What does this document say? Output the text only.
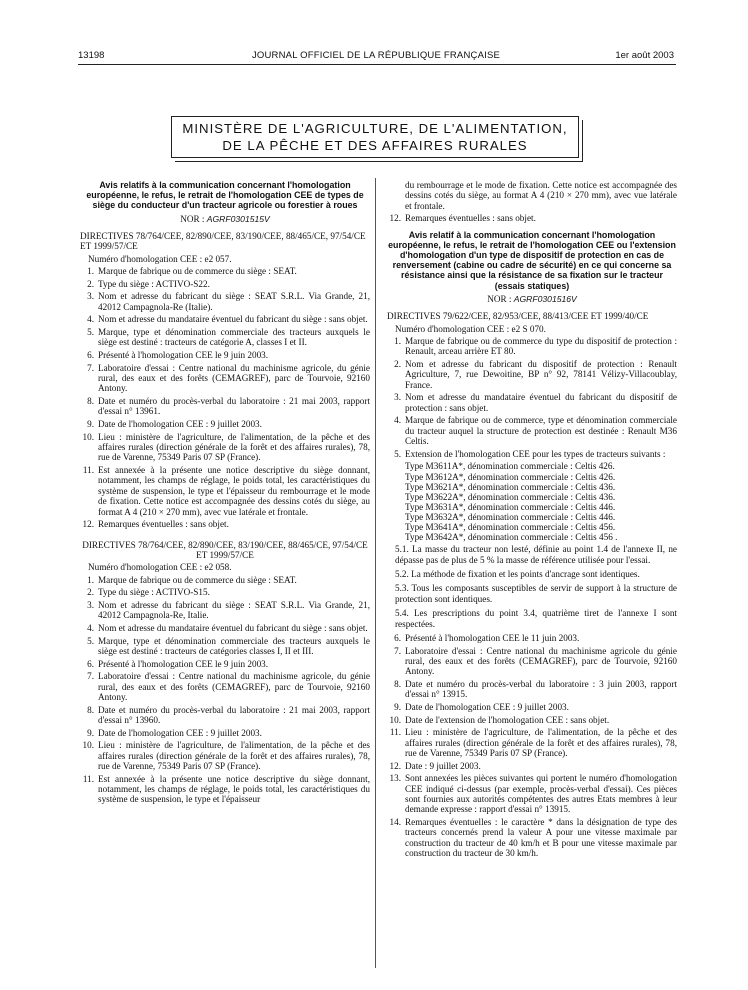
13198	JOURNAL OFFICIEL DE LA RÉPUBLIQUE FRANÇAISE	1er août 2003
MINISTÈRE DE L'AGRICULTURE, DE L'ALIMENTATION,
DE LA PÊCHE ET DES AFFAIRES RURALES

Avis relatifs à la communication concernant l'homologation européenne, le refus, le retrait de l'homologation CEE de types de siège du conducteur d'un tracteur agricole ou forestier à roues

NOR : AGRF0301515V

DIRECTIVES 78/764/CEE, 82/890/CEE, 83/190/CEE, 88/465/CE, 97/54/CE ET 1999/57/CE

Numéro d'homologation CEE : e2 057.

1. Marque de fabrique ou de commerce du siège : SEAT.
2. Type du siège : ACTIVO-S22.
3. Nom et adresse du fabricant du siège : SEAT S.R.L. Via Grande, 21, 42012 Campagnola-Re (Italie).
4. Nom et adresse du mandataire éventuel du fabricant du siège : sans objet.
5. Marque, type et dénomination commerciale des tracteurs auxquels le siège est destiné : tracteurs de catégorie A, classes I et II.
6. Présenté à l'homologation CEE le 9 juin 2003.
7. Laboratoire d'essai : Centre national du machinisme agricole, du génie rural, des eaux et des forêts (CEMAGREF), parc de Tourvoie, 92160 Antony.
8. Date et numéro du procès-verbal du laboratoire : 21 mai 2003, rapport d'essai n° 13961.
9. Date de l'homologation CEE : 9 juillet 2003.
10. Lieu : ministère de l'agriculture, de l'alimentation, de la pêche et des affaires rurales (direction générale de la forêt et des affaires rurales), 78, rue de Varenne, 75349 Paris 07 SP (France).
11. Est annexée à la présente une notice descriptive du siège donnant, notamment, les champs de réglage, le poids total, les caractéristiques du système de suspension, le type et l'épaisseur du rembourrage et le mode de fixation. Cette notice est accompagnée des dessins cotés du siège, au format A 4 (210 × 270 mm), avec vue latérale et frontale.
12. Remarques éventuelles : sans objet.

DIRECTIVES 78/764/CEE, 82/890/CEE, 83/190/CEE, 88/465/CE, 97/54/CE ET 1999/57/CE

Numéro d'homologation CEE : e2 058.

1. Marque de fabrique ou de commerce du siège : SEAT.
2. Type du siège : ACTIVO-S15.
3. Nom et adresse du fabricant du siège : SEAT S.R.L. Via Grande, 21, 42012 Campagnola-Re, Italie.
4. Nom et adresse du mandataire éventuel du fabricant du siège : sans objet.
5. Marque, type et dénomination commerciale des tracteurs auxquels le siège est destiné : tracteurs de catégories classes I, II et III.
6. Présenté à l'homologation CEE le 9 juin 2003.
7. Laboratoire d'essai : Centre national du machinisme agricole, du génie rural, des eaux et des forêts (CEMAGREF), parc de Tourvoie, 92160 Antony.
8. Date et numéro du procès-verbal du laboratoire : 21 mai 2003, rapport d'essai n° 13960.
9. Date de l'homologation CEE : 9 juillet 2003.
10. Lieu : ministère de l'agriculture, de l'alimentation, de la pêche et des affaires rurales (direction générale de la forêt et des affaires rurales), 78, rue de Varenne, 75349 Paris 07 SP (France).
11. Est annexée à la présente une notice descriptive du siège donnant, notamment, les champs de réglage, le poids total, les caractéristiques du système de suspension, le type et l'épaisseur

du rembourrage et le mode de fixation. Cette notice est accompagnée des dessins cotés du siège, au format A 4 (210 × 270 mm), avec vue latérale et frontale.

12. Remarques éventuelles : sans objet.

Avis relatif à la communication concernant l'homologation européenne, le refus, le retrait de l'homologation CEE ou l'extension d'homologation d'un type de dispositif de protection en cas de renversement (cabine ou cadre de sécurité) en ce qui concerne sa résistance ainsi que la résistance de sa fixation sur le tracteur (essais statiques)

NOR : AGRF0301516V

DIRECTIVES 79/622/CEE, 82/953/CEE, 88/413/CEE ET 1999/40/CE

Numéro d'homologation CEE : e2 S 070.

1. Marque de fabrique ou de commerce du type du dispositif de protection : Renault, arceau arrière ET 80.
2. Nom et adresse du fabricant du dispositif de protection : Renault Agriculture, 7, rue Dewoitine, BP n° 92, 78141 Vélizy-Villacoublay, France.
3. Nom et adresse du mandataire éventuel du fabricant du dispositif de protection : sans objet.
4. Marque de fabrique ou de commerce, type et dénomination commerciale du tracteur auquel la structure de protection est destinée : Renault M36 Celtis.
5. Extension de l'homologation CEE pour les types de tracteurs suivants :
Type M3611A*, dénomination commerciale : Celtis 426.
Type M3612A*, dénomination commerciale : Celtis 426.
Type M3621A*, dénomination commerciale : Celtis 436.
Type M3622A*, dénomination commerciale : Celtis 436.
Type M3631A*, dénomination commerciale : Celtis 446.
Type M3632A*, dénomination commerciale : Celtis 446.
Type M3641A*, dénomination commerciale : Celtis 456.
Type M3642A*, dénomination commerciale : Celtis 456 .
5.1. La masse du tracteur non lesté, définie au point 1.4 de l'annexe II, ne dépasse pas de plus de 5 % la masse de référence utilisée pour l'essai.
5.2. La méthode de fixation et les points d'ancrage sont identiques.
5.3. Tous les composants susceptibles de servir de support à la structure de protection sont identiques.
5.4. Les prescriptions du point 3.4, quatrième tiret de l'annexe I sont respectées.
6. Présenté à l'homologation CEE le 11 juin 2003.
7. Laboratoire d'essai : Centre national du machinisme agricole du génie rural, des eaux et des forêts (CEMAGREF), parc de Tourvoie, 92160 Antony.
8. Date et numéro du procès-verbal du laboratoire : 3 juin 2003, rapport d'essai n° 13915.
9. Date de l'homologation CEE : 9 juillet 2003.
10. Date de l'extension de l'homologation CEE : sans objet.
11. Lieu : ministère de l'agriculture, de l'alimentation, de la pêche et des affaires rurales (direction générale de la forêt et des affaires rurales), 78, rue de Varenne, 75349 Paris 07 SP (France).
12. Date : 9 juillet 2003.
13. Sont annexées les pièces suivantes qui portent le numéro d'homologation CEE indiqué ci-dessus (par exemple, procès-verbal d'essai). Ces pièces sont fournies aux autorités compétentes des autres Etats membres à leur demande expresse : rapport d'essai n° 13915.
14. Remarques éventuelles : le caractère * dans la désignation de type des tracteurs concernés prend la valeur A pour une vitesse maximale par construction du tracteur de 40 km/h et B pour une vitesse maximale par construction du tracteur de 30 km/h.
